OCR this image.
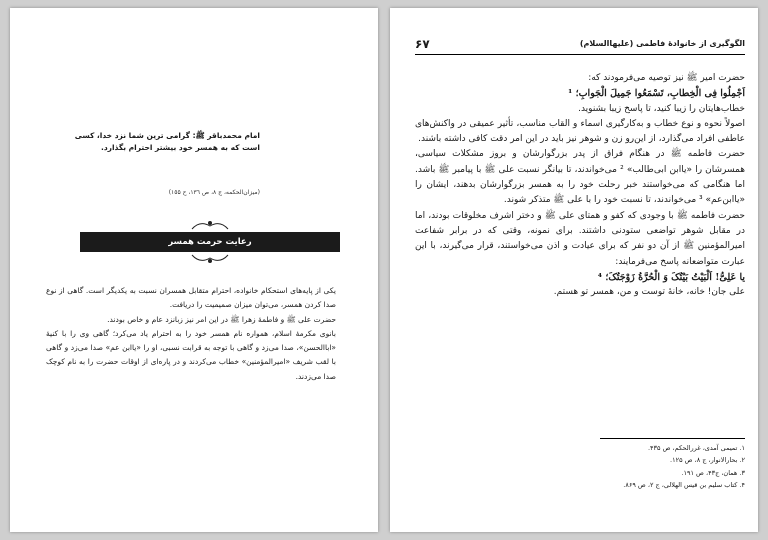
امام محمدباقر ﷺ: گرامی ترین شما نزد خدا، کسی است که به همسر خود بیشتر احترام بگذارد.
(میزان‌الحکمه، ج ٨، ص ١٣٦، ح ١٥۵)
رعایت حرمت همسر

یکی از پایه‌های استحکام خانواده، احترام متقابل همسران نسبت به یکدیگر است. گاهی از نوع صدا کردن همسر، می‌توان میزان صمیمیت را دریافت.

حضرت علی ﷺ و فاطمهٔ زهرا ﷺ در این امر نیز زبانزد عام و خاص بودند.

بانوی مکرمهٔ اسلام، همواره نام همسر خود را به احترام یاد می‌کرد؛ گاهی وی را با کنیهٔ «اباالحسن»، صدا می‌زد و گاهی با توجه به قرابت نسبی، او را «یاابن عم» صدا می‌زد و گاهی با لقب شریف «امیرالمؤمنین» خطاب می‌کردند و در پاره‌ای از اوقات حضرت را به نام کوچک صدا می‌زدند.

۶۷	الگوگیری از خانوادهٔ فاطمی (علیهاالسلام)

حضرت امیر ﷺ نیز توصیه می‌فرمودند که:

اَجْمِلُوا فِی الْخِطابِ، تَسْمَعُوا جَمِیلَ الْجَوابِ؛ ¹

خطاب‌هایتان را زیبا کنید، تا پاسخ زیبا بشنوید.

اصولاً نحوه و نوع خطاب و به‌کارگیری اسماء و القاب مناسب، تأثیر عمیقی در واکنش‌های عاطفی افراد می‌گذارد، از این‌رو زن و شوهر نیز باید در این امر دقت کافی داشته باشند.

حضرت فاطمه ﷺ در هنگام فراق از پدر بزرگوارشان و بروز مشکلات سیاسی، همسرشان را «یاابن ابی‌طالب» ² می‌خواندند، تا بیانگر نسبت علی ﷺ با پیامبر ﷺ باشد. اما هنگامی که می‌خواستند خبر رحلت خود را به همسر بزرگوارشان بدهند، ایشان را «یاابن‌عم» ³ می‌خواندند، تا نسبت خود را با علی ﷺ متذکر شوند.

حضرت فاطمه ﷺ با وجودی که کفو و همتای علی ﷺ و دختر اشرف مخلوقات بودند، اما در مقابل شوهر تواضعی ستودنی داشتند. برای نمونه، وقتی که در برابر شفاعت امیرالمؤمنین ﷺ از آن دو نفر که برای عیادت و اذن می‌خواستند، قرار می‌گیرند، با این عبارت متواضعانه پاسخ می‌فرمایند:

یا عَلِیُّ! اَلْبَیْتُ بَیْتُکَ وَ الْحُرَّةُ زَوْجَتُکَ؛ ⁴

علی جان! خانه، خانهٔ توست و من، همسر تو هستم.

١. تمیمی آمدی، غررالحکم، ص ۴٣۵.
٢. بحارالانوار، ج ٨، ص ١٢۵.
٣. همان، ج۴٣، ص ١٩١.
۴. کتاب سلیم بن قیس الهلالی، ج ٢، ص ٨۶٩.
